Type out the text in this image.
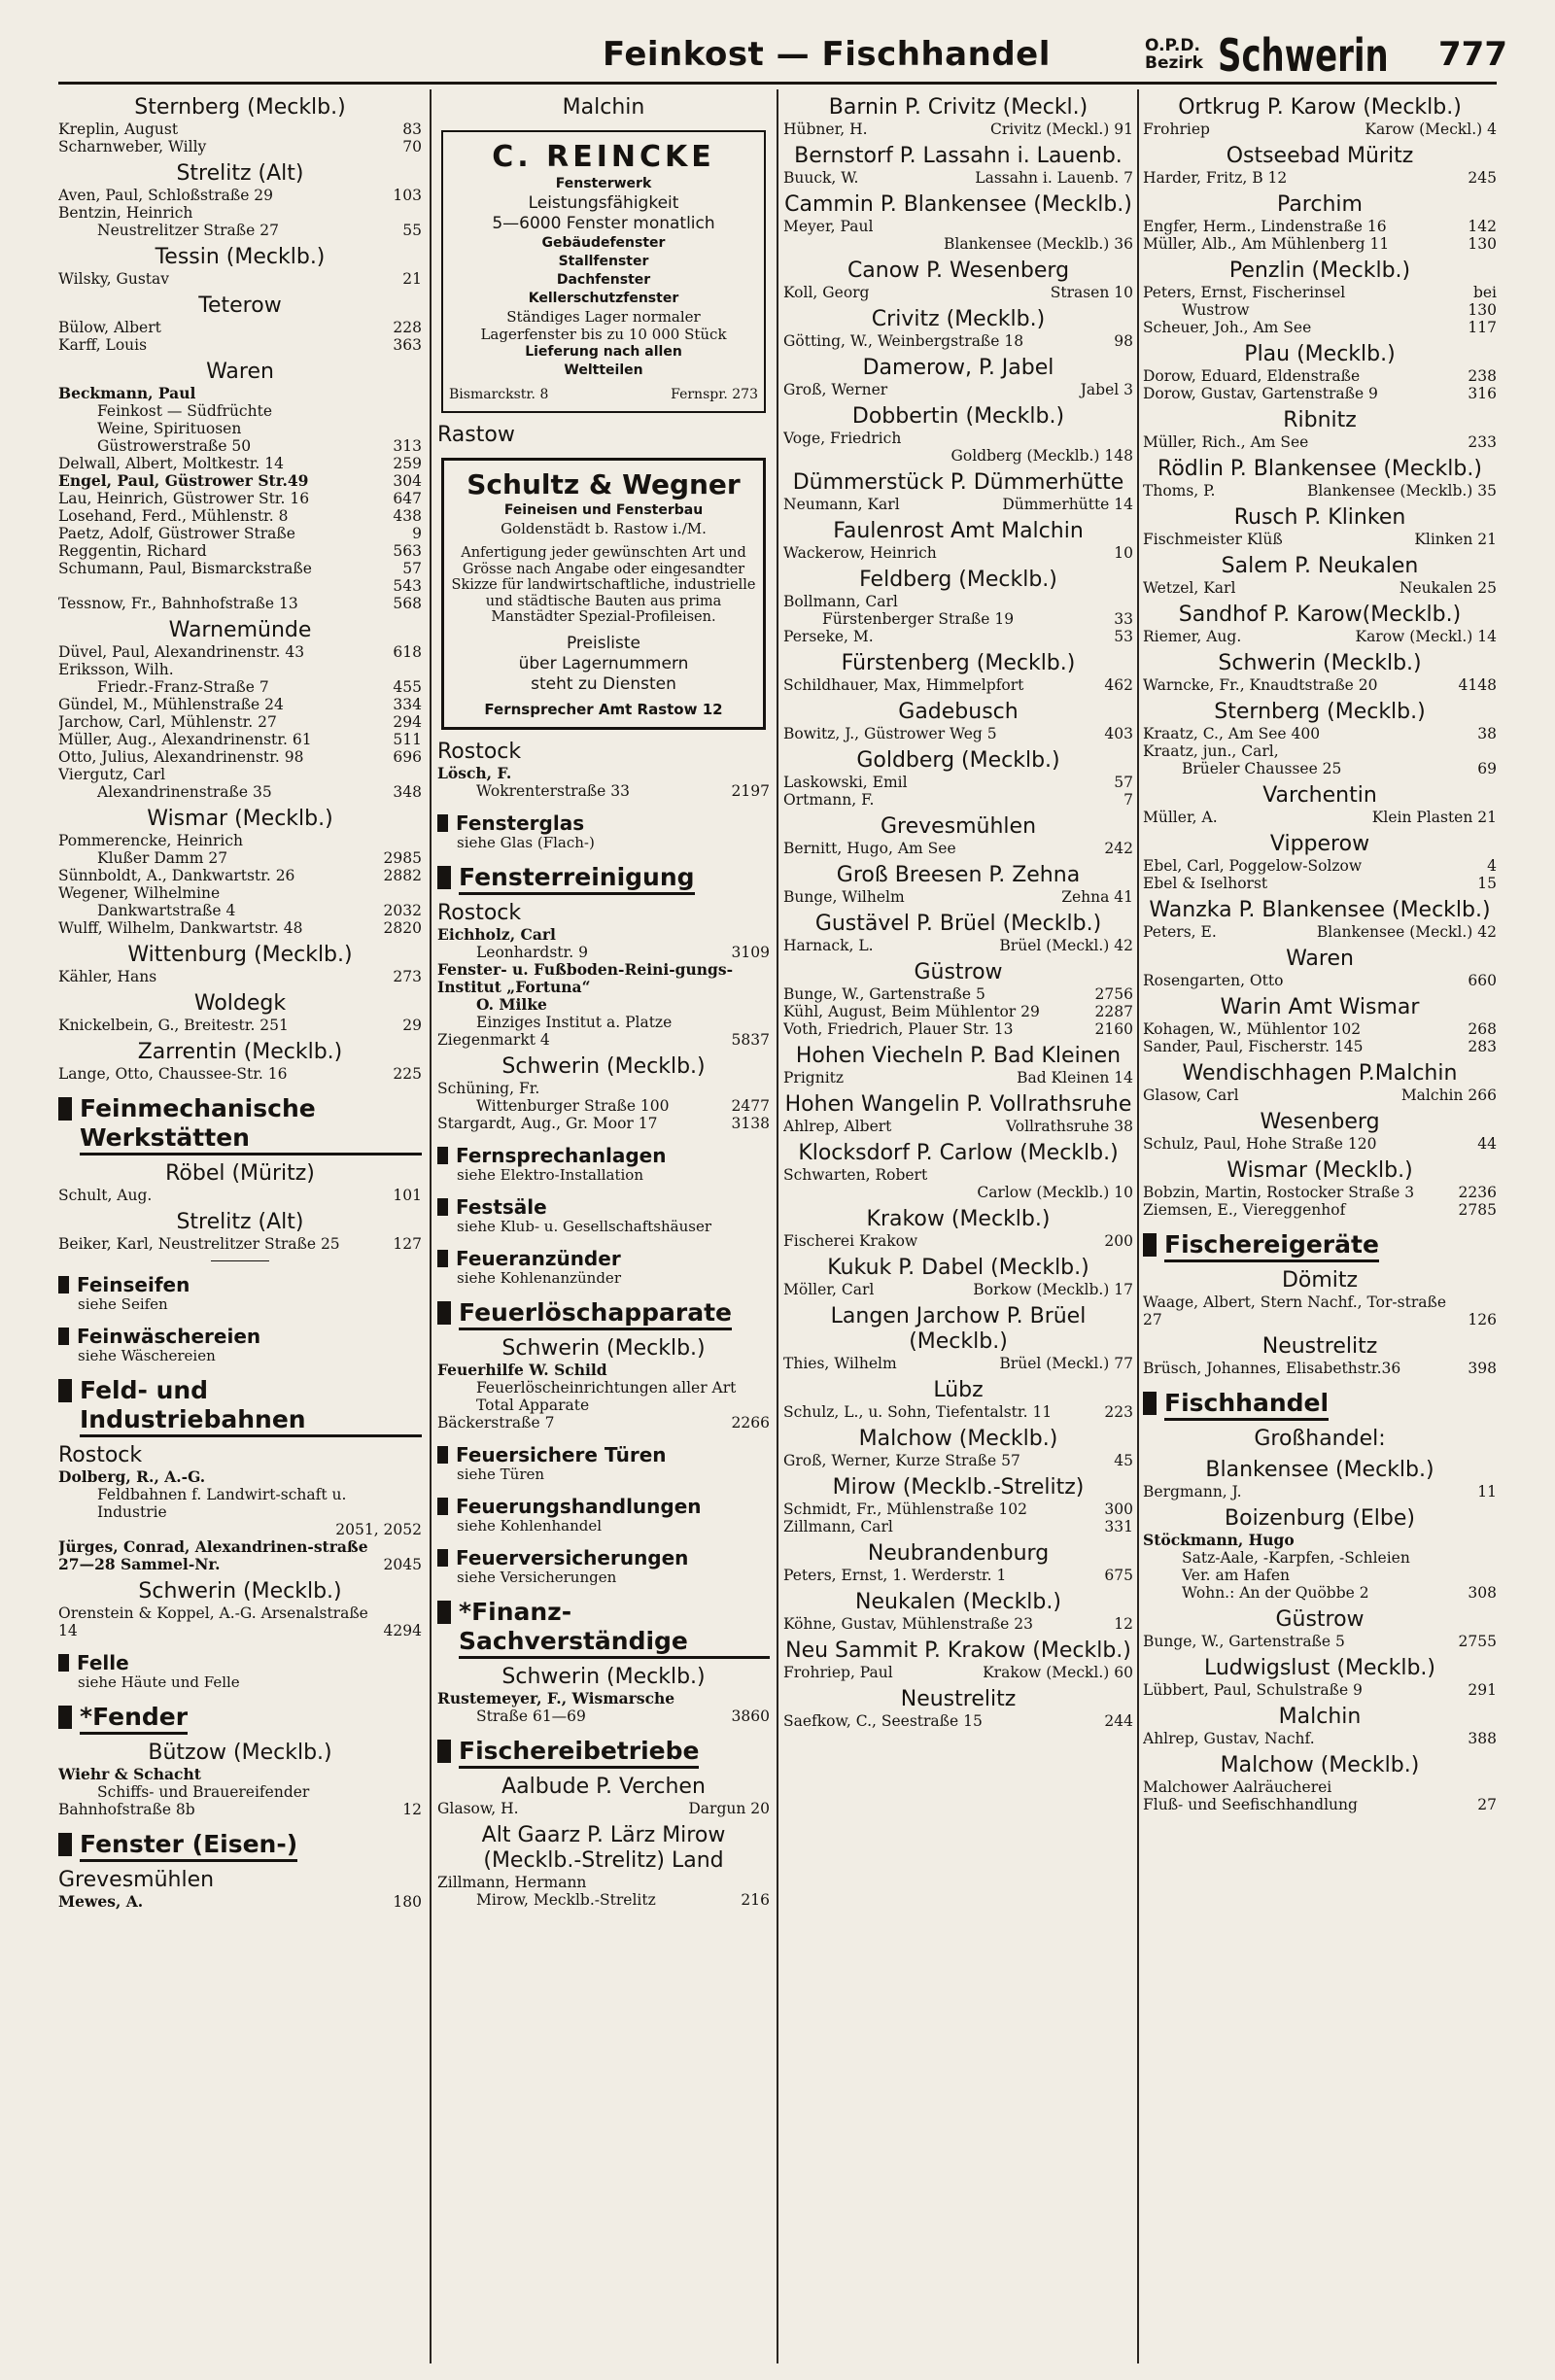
Feinkost — Fischhandel	O.P.D.
Bezirk Schwerin 777
Sternberg (Mecklb.)
Kreplin, August	83
Scharnweber, Willy	70
Strelitz (Alt)
Aven, Paul, Schloßstraße 29	103
Bentzin, Heinrich
Neustrelitzer Straße 27	55
Tessin (Mecklb.)
Wilsky, Gustav	21
Teterow
Bülow, Albert	228
Karff, Louis	363
Waren
Beckmann, Paul
Feinkost — Südfrüchte
Weine, Spirituosen
Güstrowerstraße 50	313
Delwall, Albert, Moltkestr. 14	259
Engel, Paul, Güstrower Str.49	304
Lau, Heinrich, Güstrower Str. 16	647
Losehand, Ferd., Mühlenstr. 8	438
Paetz, Adolf, Güstrower Straße	9
Reggentin, Richard	563
Schumann, Paul, Bismarckstraße	57
543
Tessnow, Fr., Bahnhofstraße 13	568
Warnemünde
Düvel, Paul, Alexandrinenstr. 43	618
Eriksson, Wilh.
Friedr.-Franz-Straße 7	455
Gündel, M., Mühlenstraße 24	334
Jarchow, Carl, Mühlenstr. 27	294
Müller, Aug., Alexandrinenstr. 61	511
Otto, Julius, Alexandrinenstr. 98	696
Viergutz, Carl
Alexandrinenstraße 35	348
Wismar (Mecklb.)
Pommerencke, Heinrich
Klußer Damm 27	2985
Sünnboldt, A., Dankwartstr. 26	2882
Wegener, Wilhelmine
Dankwartstraße 4	2032
Wulff, Wilhelm, Dankwartstr. 48	2820
Wittenburg (Mecklb.)
Kähler, Hans	273
Woldegk
Knickelbein, G., Breitestr. 251	29
Zarrentin (Mecklb.)
Lange, Otto, Chaussee-Str. 16	225
Feinmechanische Werkstätten
Röbel (Müritz)
Schult, Aug.	101
Strelitz (Alt)
Beiker, Karl, Neustrelitzer Straße 25	127
Feinseifen
siehe Seifen
Feinwäschereien
siehe Wäschereien
Feld- und Industriebahnen
Rostock
Dolberg, R., A.-G.
Feldbahnen f. Landwirt-schaft u. Industrie
2051, 2052
Jürges, Conrad, Alexandrinen-straße 27—28 Sammel-Nr.	2045
Schwerin (Mecklb.)
Orenstein & Koppel, A.-G. Arsenalstraße 14	4294
Felle
siehe Häute und Felle
*Fender
Bützow (Mecklb.)
Wiehr & Schacht
Schiffs- und Brauereifender
Bahnhofstraße 8b	12
Fenster (Eisen-)
Grevesmühlen
Mewes, A.	180
Malchin
C. REINCKE
Fensterwerk
Leistungsfähigkeit
5—6000 Fenster monatlich
Gebäudefenster
Stallfenster
Dachfenster
Kellerschutzfenster
Ständiges Lager normaler
Lagerfenster bis zu 10 000 Stück
Lieferung nach allen
Weltteilen
Bismarckstr. 8	Fernspr. 273
Rastow
Schultz & Wegner
Feineisen und Fensterbau
Goldenstädt b. Rastow i./M.
Anfertigung jeder gewünschten Art und Grösse nach Angabe oder eingesandter Skizze für landwirtschaftliche, industrielle und städtische Bauten aus prima Manstädter Spezial-Profileisen.
Preisliste
über Lagernummern
steht zu Diensten
Fernsprecher Amt Rastow 12
Rostock
Lösch, F.
Wokrenterstraße 33	2197
Fensterglas
siehe Glas (Flach-)
Fensterreinigung
Rostock
Eichholz, Carl
Leonhardstr. 9	3109
Fenster- u. Fußboden-Reini-gungs-Institut „Fortuna“
O. Milke
Einziges Institut a. Platze
Ziegenmarkt 4	5837
Schwerin (Mecklb.)
Schüning, Fr.
Wittenburger Straße 100	2477
Stargardt, Aug., Gr. Moor 17	3138
Fernsprechanlagen
siehe Elektro-Installation
Festsäle
siehe Klub- u. Gesellschaftshäuser
Feueranzünder
siehe Kohlenanzünder
Feuerlöschapparate
Schwerin (Mecklb.)
Feuerhilfe W. Schild
Feuerlöscheinrichtungen aller Art
Total Apparate
Bäckerstraße 7	2266
Feuersichere Türen
siehe Türen
Feuerungshandlungen
siehe Kohlenhandel
Feuerversicherungen
siehe Versicherungen
*Finanz-Sachverständige
Schwerin (Mecklb.)
Rustemeyer, F., Wismarsche
Straße 61—69	3860
Fischereibetriebe
Aalbude P. Verchen
Glasow, H.	Dargun 20
Alt Gaarz P. Lärz Mirow (Mecklb.-Strelitz) Land
Zillmann, Hermann
Mirow, Mecklb.-Strelitz	216
Barnin P. Crivitz (Meckl.)
Hübner, H.	Crivitz (Meckl.) 91
Bernstorf P. Lassahn i. Lauenb.
Buuck, W.	Lassahn i. Lauenb. 7
Cammin P. Blankensee (Mecklb.)
Meyer, Paul
Blankensee (Mecklb.) 36
Canow P. Wesenberg
Koll, Georg	Strasen 10
Crivitz (Mecklb.)
Götting, W., Weinbergstraße 18	98
Damerow, P. Jabel
Groß, Werner	Jabel 3
Dobbertin (Mecklb.)
Voge, Friedrich
Goldberg (Mecklb.) 148
Dümmerstück P. Dümmerhütte
Neumann, Karl	Dümmerhütte 14
Faulenrost Amt Malchin
Wackerow, Heinrich	10
Feldberg (Mecklb.)
Bollmann, Carl
Fürstenberger Straße 19	33
Perseke, M.	53
Fürstenberg (Mecklb.)
Schildhauer, Max, Himmelpfort	462
Gadebusch
Bowitz, J., Güstrower Weg 5	403
Goldberg (Mecklb.)
Laskowski, Emil	57
Ortmann, F.	7
Grevesmühlen
Bernitt, Hugo, Am See	242
Groß Breesen P. Zehna
Bunge, Wilhelm	Zehna 41
Gustävel P. Brüel (Mecklb.)
Harnack, L.	Brüel (Meckl.) 42
Güstrow
Bunge, W., Gartenstraße 5	2756
Kühl, August, Beim Mühlentor 29	2287
Voth, Friedrich, Plauer Str. 13	2160
Hohen Viecheln P. Bad Kleinen
Prignitz	Bad Kleinen 14
Hohen Wangelin P. Vollrathsruhe
Ahlrep, Albert	Vollrathsruhe 38
Klocksdorf P. Carlow (Mecklb.)
Schwarten, Robert
Carlow (Mecklb.) 10
Krakow (Mecklb.)
Fischerei Krakow	200
Kukuk P. Dabel (Mecklb.)
Möller, Carl	Borkow (Mecklb.) 17
Langen Jarchow P. Brüel (Mecklb.)
Thies, Wilhelm	Brüel (Meckl.) 77
Lübz
Schulz, L., u. Sohn, Tiefentalstr. 11	223
Malchow (Mecklb.)
Groß, Werner, Kurze Straße 57	45
Mirow (Mecklb.-Strelitz)
Schmidt, Fr., Mühlenstraße 102	300
Zillmann, Carl	331
Neubrandenburg
Peters, Ernst, 1. Werderstr. 1	675
Neukalen (Mecklb.)
Köhne, Gustav, Mühlenstraße 23	12
Neu Sammit P. Krakow (Mecklb.)
Frohriep, Paul	Krakow (Meckl.) 60
Neustrelitz
Saefkow, C., Seestraße 15	244
Ortkrug P. Karow (Mecklb.)
Frohriep	Karow (Meckl.) 4
Ostseebad Müritz
Harder, Fritz, B 12	245
Parchim
Engfer, Herm., Lindenstraße 16	142
Müller, Alb., Am Mühlenberg 11	130
Penzlin (Mecklb.)
Peters, Ernst, Fischerinsel	bei
Wustrow	130
Scheuer, Joh., Am See	117
Plau (Mecklb.)
Dorow, Eduard, Eldenstraße	238
Dorow, Gustav, Gartenstraße 9	316
Ribnitz
Müller, Rich., Am See	233
Rödlin P. Blankensee (Mecklb.)
Thoms, P.	Blankensee (Mecklb.) 35
Rusch P. Klinken
Fischmeister Klüß	Klinken 21
Salem P. Neukalen
Wetzel, Karl	Neukalen 25
Sandhof P. Karow(Mecklb.)
Riemer, Aug.	Karow (Meckl.) 14
Schwerin (Mecklb.)
Warncke, Fr., Knaudtstraße 20	4148
Sternberg (Mecklb.)
Kraatz, C., Am See 400	38
Kraatz, jun., Carl,
Brüeler Chaussee 25	69
Varchentin
Müller, A.	Klein Plasten 21
Vipperow
Ebel, Carl, Poggelow-Solzow	4
Ebel & Iselhorst	15
Wanzka P. Blankensee (Mecklb.)
Peters, E.	Blankensee (Meckl.) 42
Waren
Rosengarten, Otto	660
Warin Amt Wismar
Kohagen, W., Mühlentor 102	268
Sander, Paul, Fischerstr. 145	283
Wendischhagen P.Malchin
Glasow, Carl	Malchin 266
Wesenberg
Schulz, Paul, Hohe Straße 120	44
Wismar (Mecklb.)
Bobzin, Martin, Rostocker Straße 3	2236
Ziemsen, E., Viereggenhof	2785
Fischereigeräte
Dömitz
Waage, Albert, Stern Nachf., Tor-straße 27	126
Neustrelitz
Brüsch, Johannes, Elisabethstr.36	398
Fischhandel
Großhandel:
Blankensee (Mecklb.)
Bergmann, J.	11
Boizenburg (Elbe)
Stöckmann, Hugo
Satz-Aale, -Karpfen, -Schleien
Ver. am Hafen
Wohn.: An der Quöbbe 2	308
Güstrow
Bunge, W., Gartenstraße 5	2755
Ludwigslust (Mecklb.)
Lübbert, Paul, Schulstraße 9	291
Malchin
Ahlrep, Gustav, Nachf.	388
Malchow (Mecklb.)
Malchower Aalräucherei
Fluß- und Seefischhandlung	27
